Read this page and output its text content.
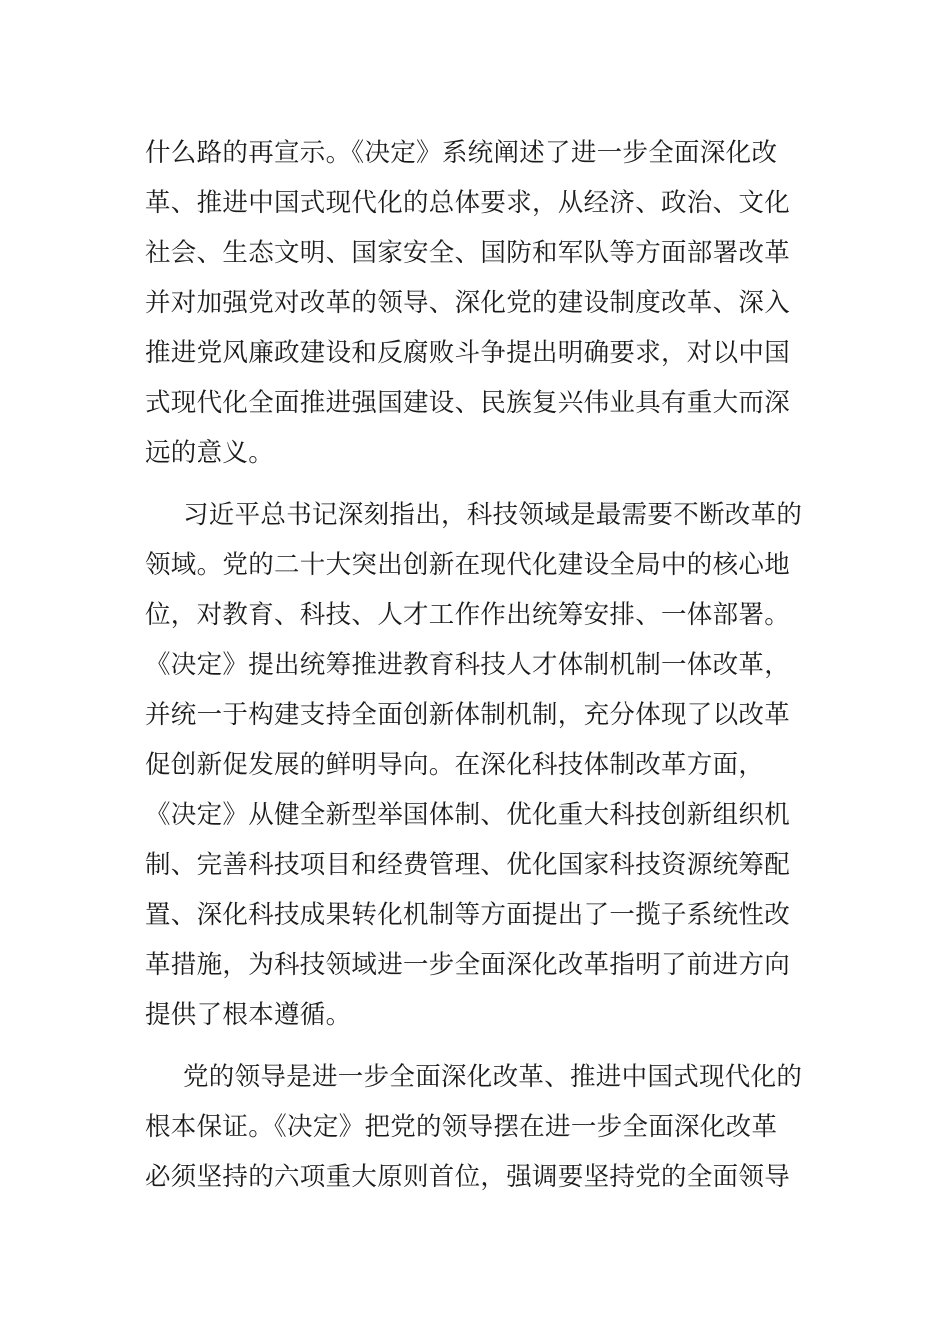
什么路的再宣示。《决定》系统阐述了进一步全面深化改
革、推进中国式现代化的总体要求，从经济、政治、文化
社会、生态文明、国家安全、国防和军队等方面部署改革
并对加强党对改革的领导、深化党的建设制度改革、深入
推进党风廉政建设和反腐败斗争提出明确要求，对以中国
式现代化全面推进强国建设、民族复兴伟业具有重大而深
远的意义。
习近平总书记深刻指出，科技领域是最需要不断改革的
领域。党的二十大突出创新在现代化建设全局中的核心地
位，对教育、科技、人才工作作出统筹安排、一体部署。
《决定》提出统筹推进教育科技人才体制机制一体改革，
并统一于构建支持全面创新体制机制，充分体现了以改革
促创新促发展的鲜明导向。在深化科技体制改革方面，
《决定》从健全新型举国体制、优化重大科技创新组织机
制、完善科技项目和经费管理、优化国家科技资源统筹配
置、深化科技成果转化机制等方面提出了一揽子系统性改
革措施，为科技领域进一步全面深化改革指明了前进方向
提供了根本遵循。
党的领导是进一步全面深化改革、推进中国式现代化的
根本保证。《决定》把党的领导摆在进一步全面深化改革
必须坚持的六项重大原则首位，强调要坚持党的全面领导
